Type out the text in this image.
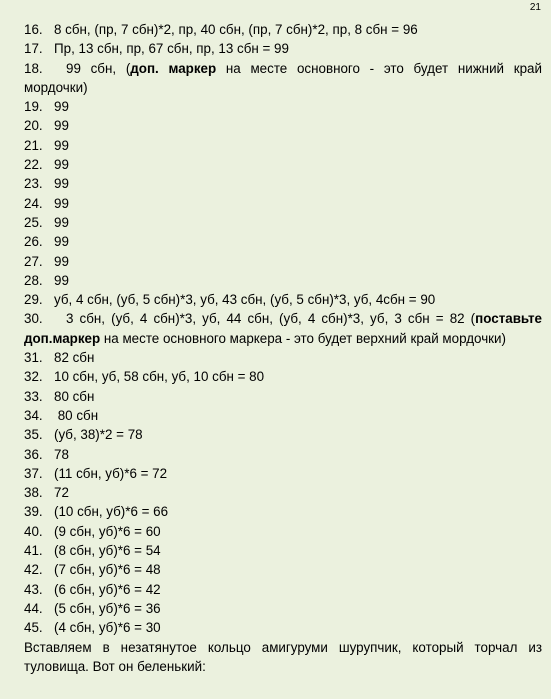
21
16. 8 сбн, (пр, 7 сбн)*2, пр, 40 сбн, (пр, 7 сбн)*2, пр, 8 сбн = 96
17. Пр, 13 сбн, пр, 67 сбн, пр, 13 сбн = 99
18. 99 сбн, (доп. маркер на месте основного - это будет нижний край мордочки)
19. 99
20. 99
21. 99
22. 99
23. 99
24. 99
25. 99
26. 99
27. 99
28. 99
29. уб, 4 сбн, (уб, 5 сбн)*3, уб, 43 сбн, (уб, 5 сбн)*3, уб, 4сбн = 90
30. 3 сбн, (уб, 4 сбн)*3, уб, 44 сбн, (уб, 4 сбн)*3, уб, 3 сбн = 82 (поставьте доп.маркер на месте основного маркера - это будет верхний край мордочки)
31. 82 сбн
32. 10 сбн, уб, 58 сбн, уб, 10 сбн = 80
33. 80 сбн
34. 80 сбн
35. (уб, 38)*2 = 78
36. 78
37. (11 сбн, уб)*6 = 72
38. 72
39. (10 сбн, уб)*6 = 66
40. (9 сбн, уб)*6 = 60
41. (8 сбн, уб)*6 = 54
42. (7 сбн, уб)*6 = 48
43. (6 сбн, уб)*6 = 42
44. (5 сбн, уб)*6 = 36
45. (4 сбн, уб)*6 = 30
Вставляем в незатянутое кольцо амигуруми шурупчик, который торчал из туловища. Вот он беленький:
